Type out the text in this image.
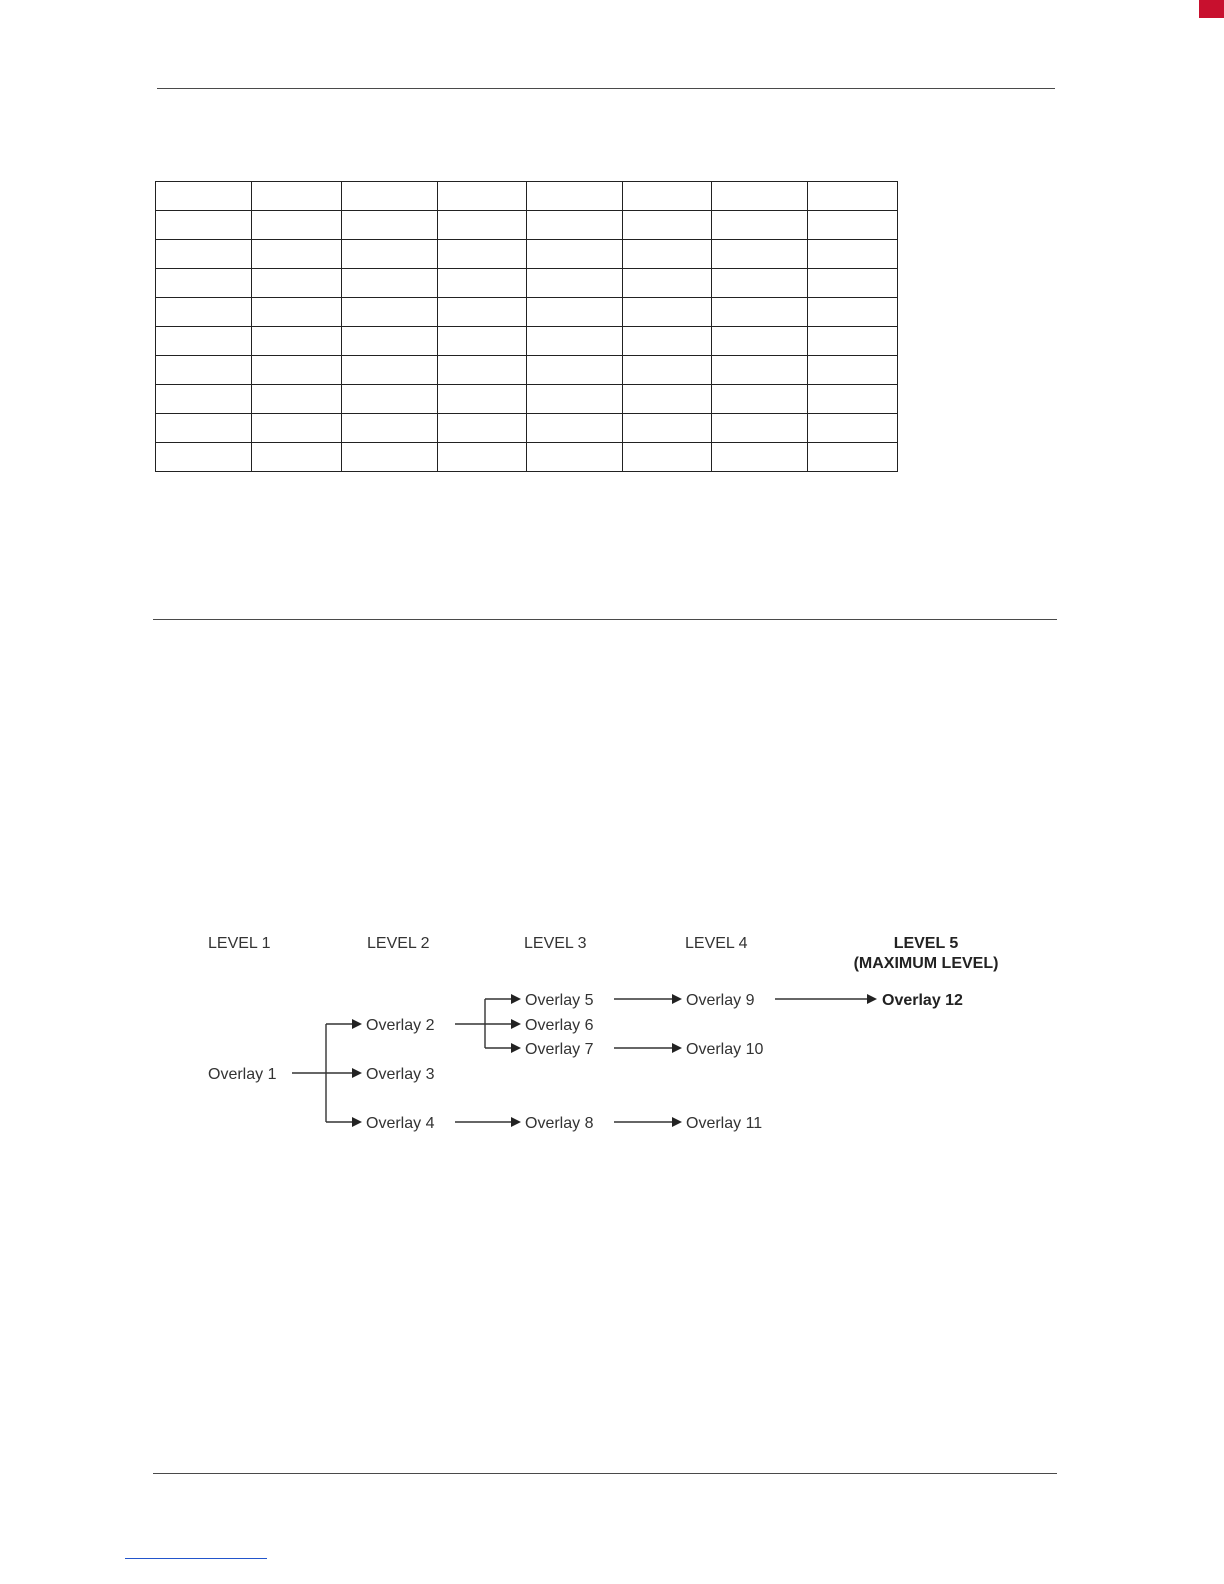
LEVEL 1	LEVEL 2	LEVEL 3	LEVEL 4	LEVEL 5
(MAXIMUM LEVEL)
Overlay 1
Overlay 2
Overlay 3
Overlay 4
Overlay 5
Overlay 6
Overlay 7
Overlay 8
Overlay 9
Overlay 10
Overlay 11
Overlay 12
